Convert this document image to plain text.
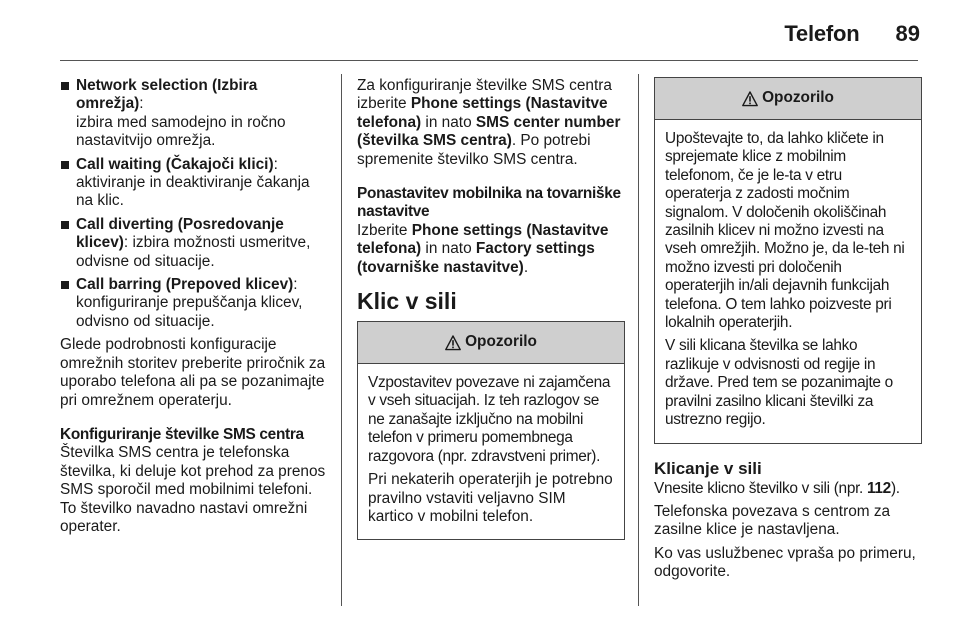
Telefon 89
Network selection (Izbira omrežja):
izbira med samodejno in ročno nastavitvijo omrežja.
Call waiting (Čakajoči klici):
aktiviranje in deaktiviranje čakanja na klic.
Call diverting (Posredovanje klicev): izbira možnosti usmeritve, odvisne od situacije.
Call barring (Prepoved klicev):
konfiguriranje prepuščanja klicev, odvisno od situacije.

Glede podrobnosti konfiguracije omrežnih storitev preberite priročnik za uporabo telefona ali pa se pozanimajte pri omrežnem operaterju.

Konfiguriranje številke SMS centra

Številka SMS centra je telefonska številka, ki deluje kot prehod za prenos SMS sporočil med mobilnimi telefoni. To številko navadno nastavi omrežni operater.

Za konfiguriranje številke SMS centra izberite Phone settings (Nastavitve telefona) in nato SMS center number (številka SMS centra). Po potrebi spremenite številko SMS centra.

Ponastavitev mobilnika na tovarniške nastavitve

Izberite Phone settings (Nastavitve telefona) in nato Factory settings (tovarniške nastavitve).

Klic v sili
Opozorilo

Vzpostavitev povezave ni zajamčena v vseh situacijah. Iz teh razlogov se ne zanašajte izključno na mobilni telefon v primeru pomembnega razgovora (npr. zdravstveni primer).

Pri nekaterih operaterjih je potrebno pravilno vstaviti veljavno SIM kartico v mobilni telefon.

Opozorilo

Upoštevajte to, da lahko kličete in sprejemate klice z mobilnim telefonom, če je le-ta v etru operaterja z zadosti močnim signalom. V določenih okoliščinah zasilnih klicev ni možno izvesti na vseh omrežjih. Možno je, da le-teh ni možno izvesti pri določenih operaterjih in/ali dejavnih funkcijah telefona. O tem lahko poizveste pri lokalnih operaterjih.

V sili klicana številka se lahko razlikuje v odvisnosti od regije in države. Pred tem se pozanimajte o pravilni zasilno klicani številki za ustrezno regijo.

Klicanje v sili

Vnesite klicno številko v sili (npr. 112).

Telefonska povezava s centrom za zasilne klice je nastavljena.

Ko vas uslužbenec vpraša po primeru, odgovorite.
